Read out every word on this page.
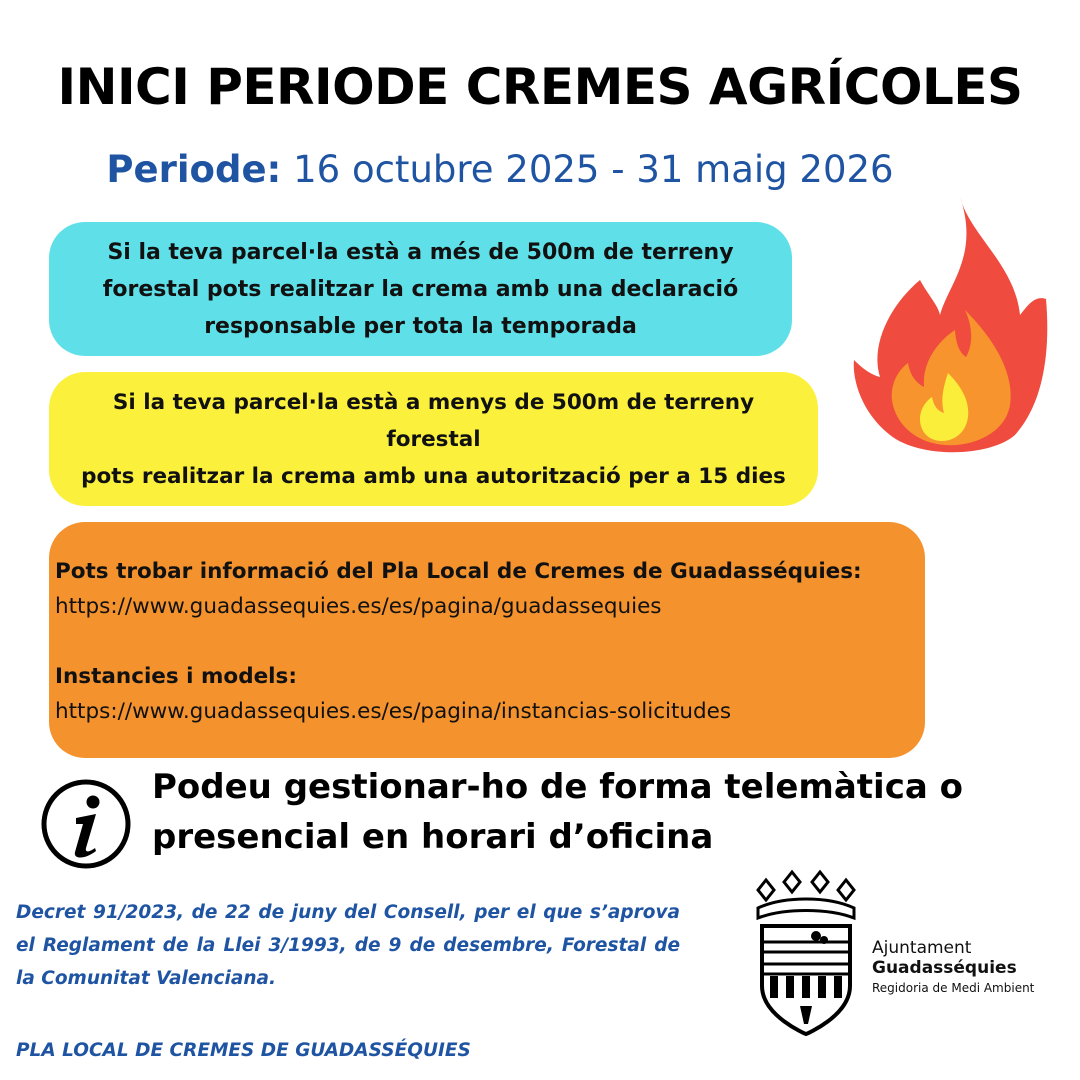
INICI PERIODE CREMES AGRÍCOLES
Periode: 16 octubre 2025 - 31 maig 2026
Si la teva parcel·la està a més de 500m de terreny
forestal pots realitzar la crema amb una declaració
responsable per tota la temporada
Si la teva parcel·la està a menys de 500m de terreny forestal
pots realitzar la crema amb una autorització per a 15 dies
Pots trobar informació del Pla Local de Cremes de Guadasséquies:
https://www.guadassequies.es/es/pagina/guadassequies
Instancies i models:
https://www.guadassequies.es/es/pagina/instancias-solicitudes
Podeu gestionar-ho de forma telemàtica o
presencial en horari d’oficina
Decret 91/2023, de 22 de juny del Consell, per el que s’aprova el Reglament de la Llei 3/1993, de 9 de desembre, Forestal de la Comunitat Valenciana.
PLA LOCAL DE CREMES DE GUADASSÉQUIES
Ajuntament
Guadasséquies
Regidoria de Medi Ambient
